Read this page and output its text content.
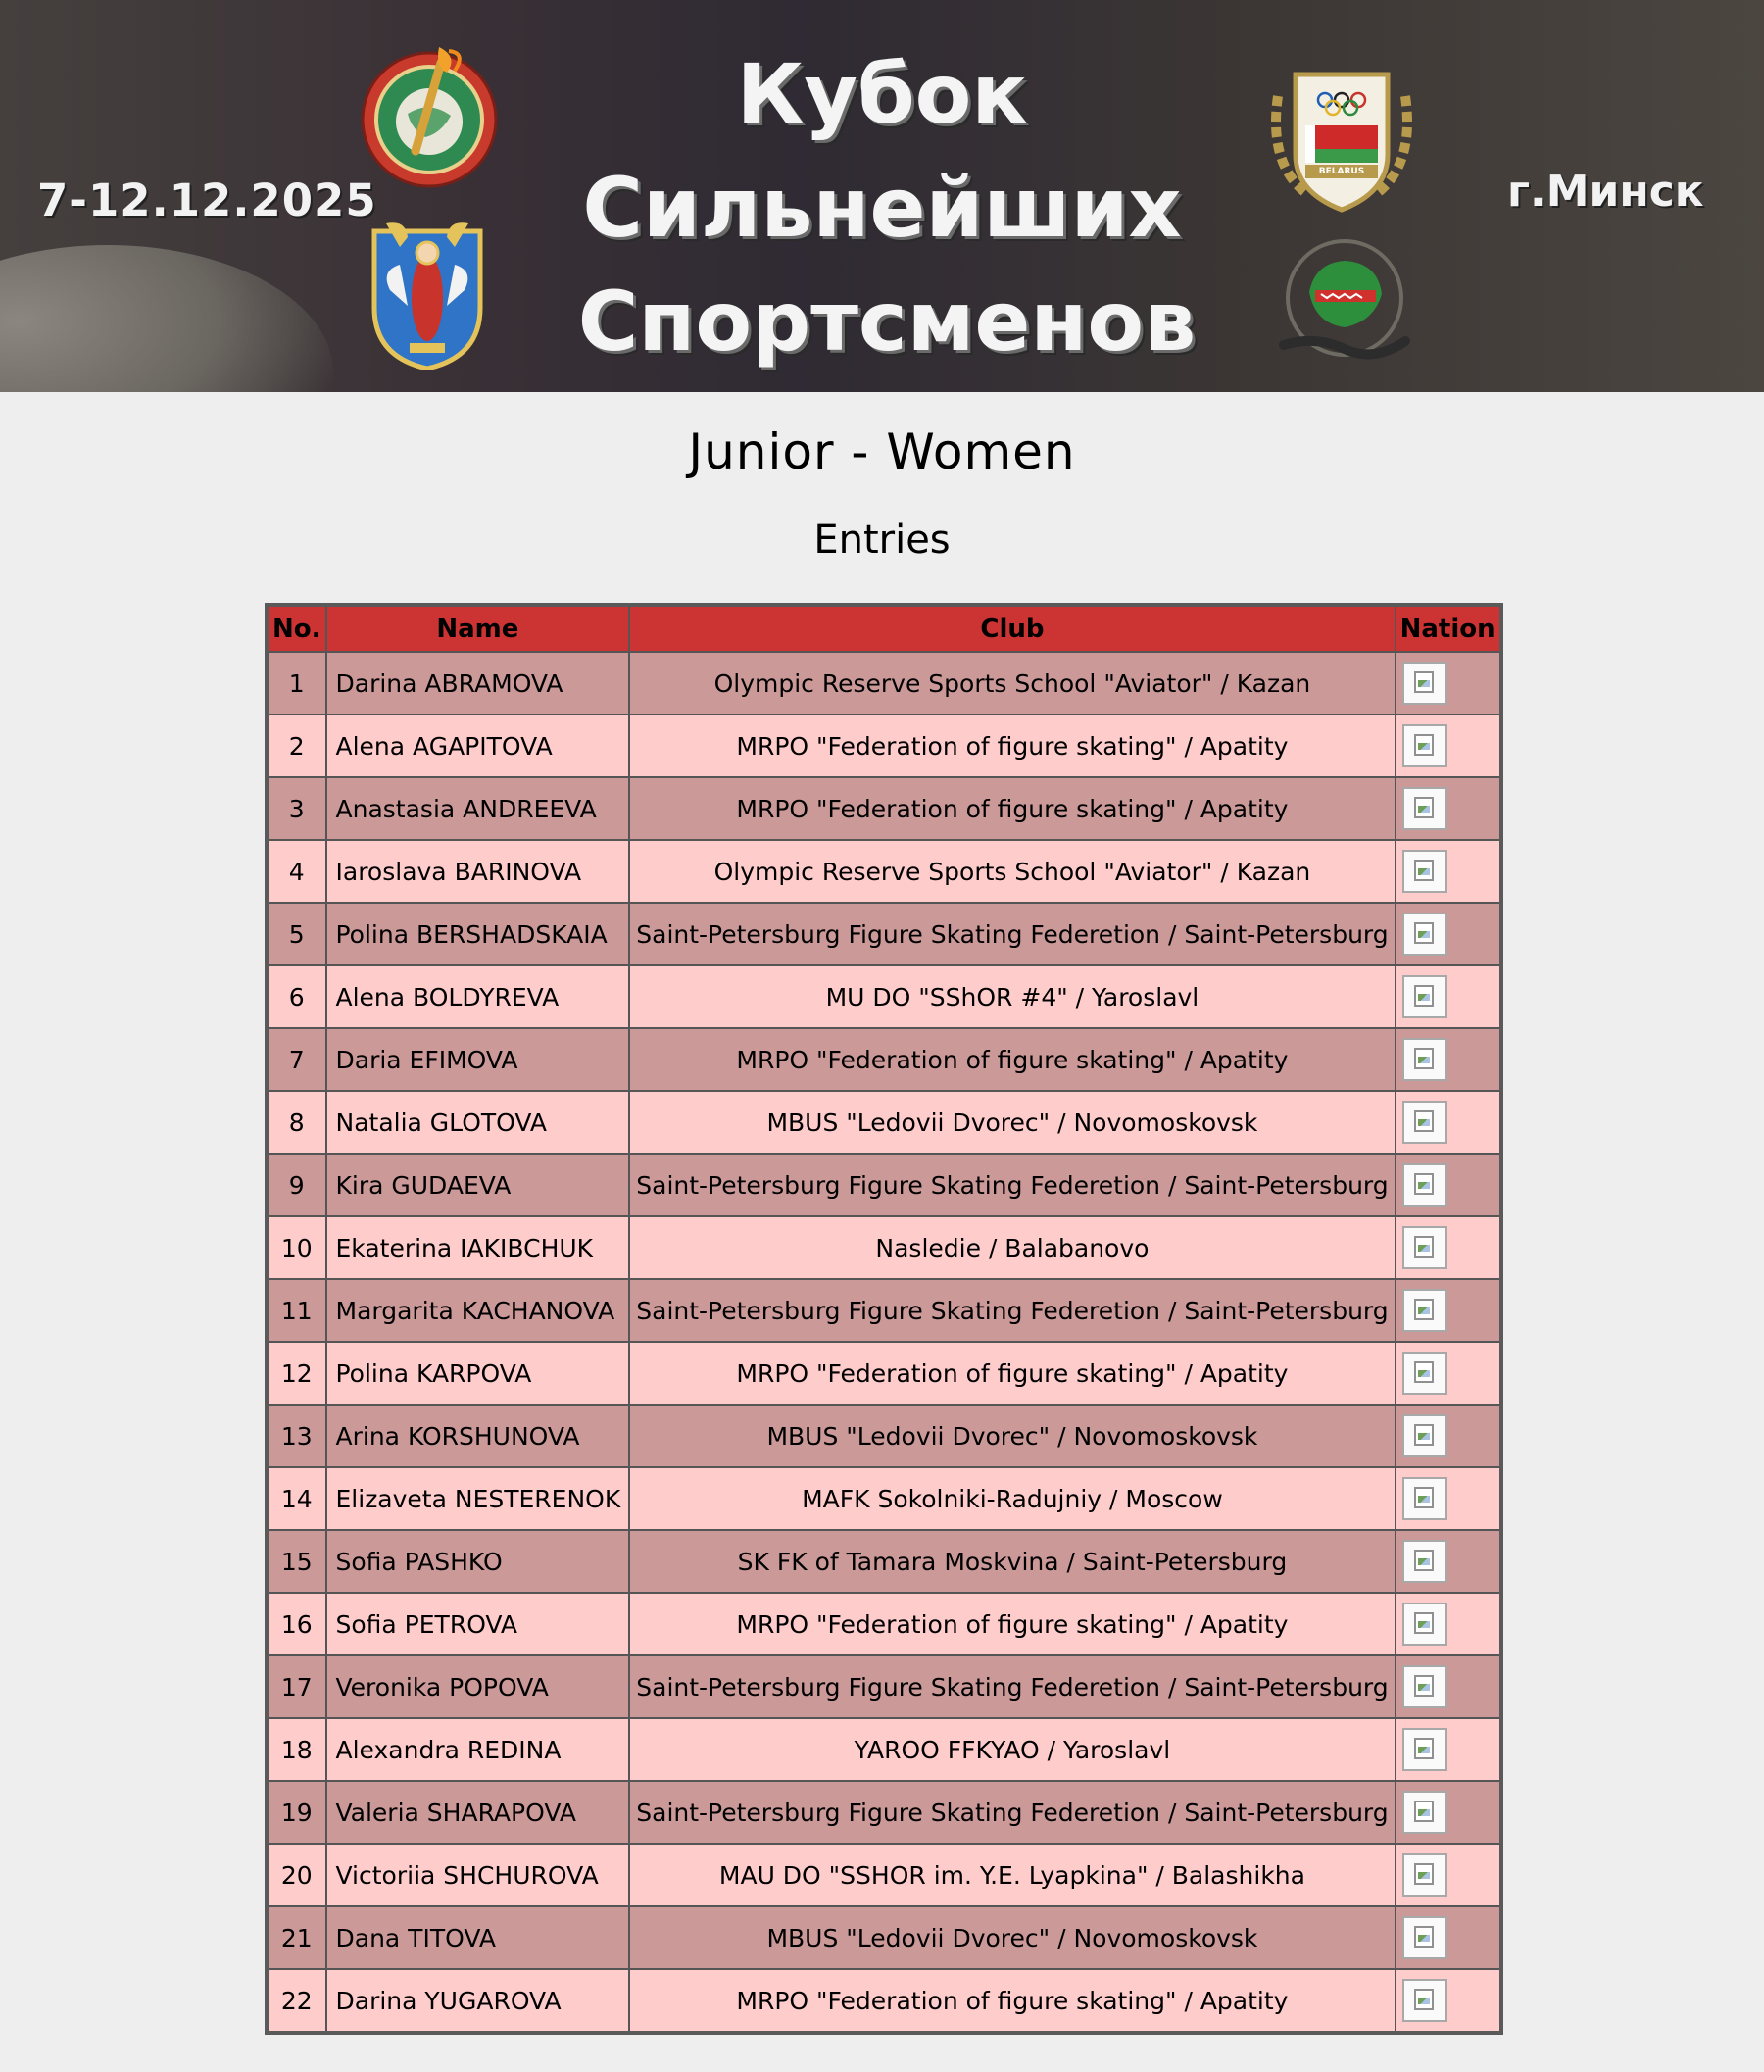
7-12.12.2025
Кубок
Сильнейших
Спортсменов
BELARUS	г.Минск
Junior - Women
Entries
No.	Name	Club	Nation
1	Darina ABRAMOVA	Olympic Reserve Sports School "Aviator" / Kazan	
2	Alena AGAPITOVA	MRPO "Federation of figure skating" / Apatity	
3	Anastasia ANDREEVA	MRPO "Federation of figure skating" / Apatity	
4	Iaroslava BARINOVA	Olympic Reserve Sports School "Aviator" / Kazan	
5	Polina BERSHADSKAIA	Saint-Petersburg Figure Skating Federetion / Saint-Petersburg	
6	Alena BOLDYREVA	MU DO "SShOR #4" / Yaroslavl	
7	Daria EFIMOVA	MRPO "Federation of figure skating" / Apatity	
8	Natalia GLOTOVA	MBUS "Ledovii Dvorec" / Novomoskovsk	
9	Kira GUDAEVA	Saint-Petersburg Figure Skating Federetion / Saint-Petersburg	
10	Ekaterina IAKIBCHUK	Nasledie / Balabanovo	
11	Margarita KACHANOVA	Saint-Petersburg Figure Skating Federetion / Saint-Petersburg	
12	Polina KARPOVA	MRPO "Federation of figure skating" / Apatity	
13	Arina KORSHUNOVA	MBUS "Ledovii Dvorec" / Novomoskovsk	
14	Elizaveta NESTERENOK	MAFK Sokolniki-Radujniy / Moscow	
15	Sofia PASHKO	SK FK of Tamara Moskvina / Saint-Petersburg	
16	Sofia PETROVA	MRPO "Federation of figure skating" / Apatity	
17	Veronika POPOVA	Saint-Petersburg Figure Skating Federetion / Saint-Petersburg	
18	Alexandra REDINA	YAROO FFKYAO / Yaroslavl	
19	Valeria SHARAPOVA	Saint-Petersburg Figure Skating Federetion / Saint-Petersburg	
20	Victoriia SHCHUROVA	MAU DO "SSHOR im. Y.E. Lyapkina" / Balashikha	
21	Dana TITOVA	MBUS "Ledovii Dvorec" / Novomoskovsk	
22	Darina YUGAROVA	MRPO "Federation of figure skating" / Apatity	
